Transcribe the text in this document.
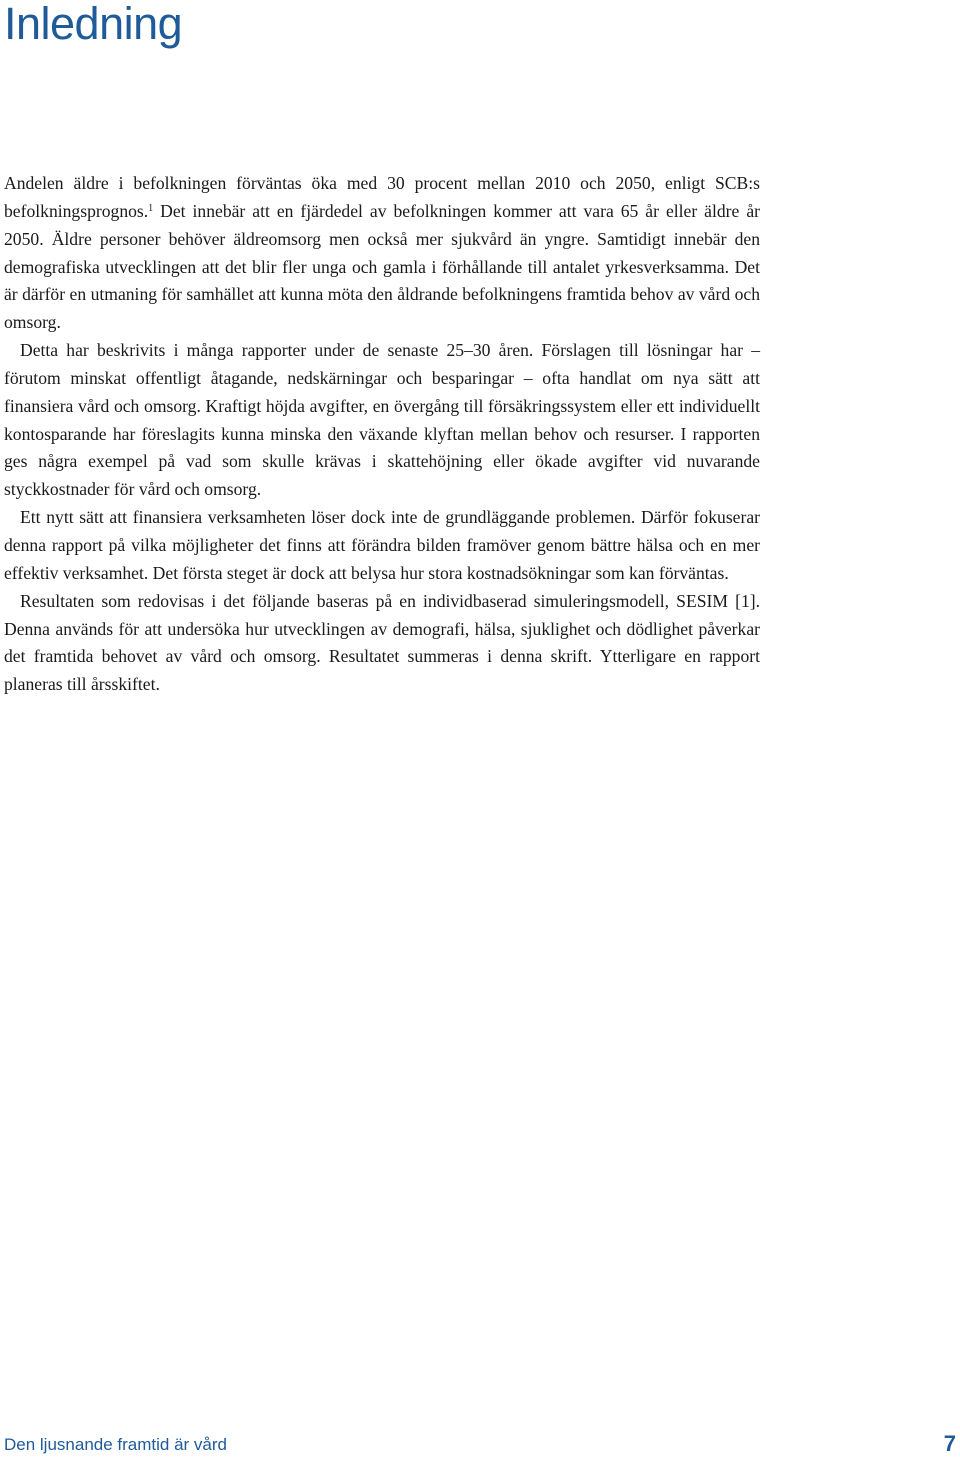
Inledning

Andelen äldre i befolkningen förväntas öka med 30 procent mellan 2010 och 2050, enligt SCB:s befolkningsprognos.$^1$ Det innebär att en fjärdedel av befolkningen kommer att vara 65 år eller äldre år 2050. Äldre personer behöver äldreomsorg men också mer sjukvård än yngre. Samtidigt innebär den demografiska utvecklingen att det blir fler unga och gamla i förhållande till antalet yrkesverksamma. Det är därför en utmaning för samhället att kunna möta den åldrande befolkningens framtida behov av vård och omsorg.

Detta har beskrivits i många rapporter under de senaste 25–30 åren. Förslagen till lösningar har – förutom minskat offentligt åtagande, nedskärningar och besparingar – ofta handlat om nya sätt att finansiera vård och omsorg. Kraftigt höjda avgifter, en övergång till försäkringssystem eller ett individuellt kontosparande har föreslagits kunna minska den växande klyftan mellan behov och resurser. I rapporten ges några exempel på vad som skulle krävas i skattehöjning eller ökade avgifter vid nuvarande styckkostnader för vård och omsorg.

Ett nytt sätt att finansiera verksamheten löser dock inte de grundläggande problemen. Därför fokuserar denna rapport på vilka möjligheter det finns att förändra bilden framöver genom bättre hälsa och en mer effektiv verksamhet. Det första steget är dock att belysa hur stora kostnadsökningar som kan förväntas.

Resultaten som redovisas i det följande baseras på en individbaserad simuleringsmodell, SESIM [1]. Denna används för att undersöka hur utvecklingen av demografi, hälsa, sjuklighet och dödlighet påverkar det framtida behovet av vård och omsorg. Resultatet summeras i denna skrift. Ytterligare en rapport planeras till årsskiftet.

Den ljusnande framtid är vård	7
